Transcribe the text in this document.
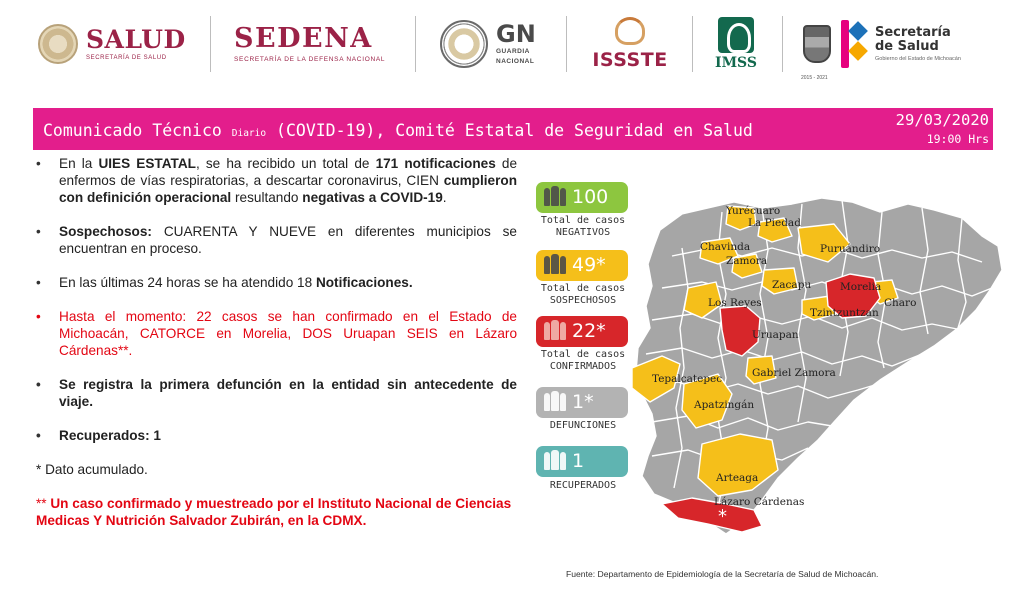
SALUD
SECRETARÍA DE SALUD
SEDENA
SECRETARÍA DE LA DEFENSA NACIONAL
GN
GUARDIA
NACIONAL	ISSSTE	IMSS
2015 - 2021
Secretaría
de Salud
Gobierno del Estado de Michoacán
Comunicado Técnico Diario (COVID-19), Comité Estatal de Seguridad en Salud
29/03/2020
19:00 Hrs
• En la UIES ESTATAL, se ha recibido un total de 171 notificaciones de enfermos de vías respiratorias, a descartar coronavirus, CIEN cumplieron con definición operacional resultando negativas a COVID-19.
• Sospechosos: CUARENTA Y NUEVE en diferentes municipios se encuentran en proceso.
• En las últimas 24 horas se ha atendido 18 Notificaciones.
• Hasta el momento: 22 casos se han confirmado en el Estado de Michoacán, CATORCE en Morelia, DOS Uruapan SEIS en Lázaro Cárdenas**.
• Se registra la primera defunción en la entidad sin antecedente de viaje.
• Recuperados: 1
* Dato acumulado.
** Un caso confirmado y muestreado por el Instituto Nacional de Ciencias Medicas Y Nutrición Salvador Zubirán, en la CDMX.
100
Total de casos
NEGATIVOS
49*
Total de casos
SOSPECHOSOS
22*
Total de casos
CONFIRMADOS
1*
DEFUNCIONES
1
RECUPERADOS
Yurécuaro
La Piedad
Puruándiro
Chavinda
Zamora
Zacapu	Morelia
Los Reyes
Tzintzuntzan
Charo
Uruapan
Tepalcatepec	Gabriel Zamora
Apatzingán
Arteaga
Lázaro Cárdenas
*
Fuente: Departamento de Epidemiología de la Secretaría de Salud de Michoacán.
